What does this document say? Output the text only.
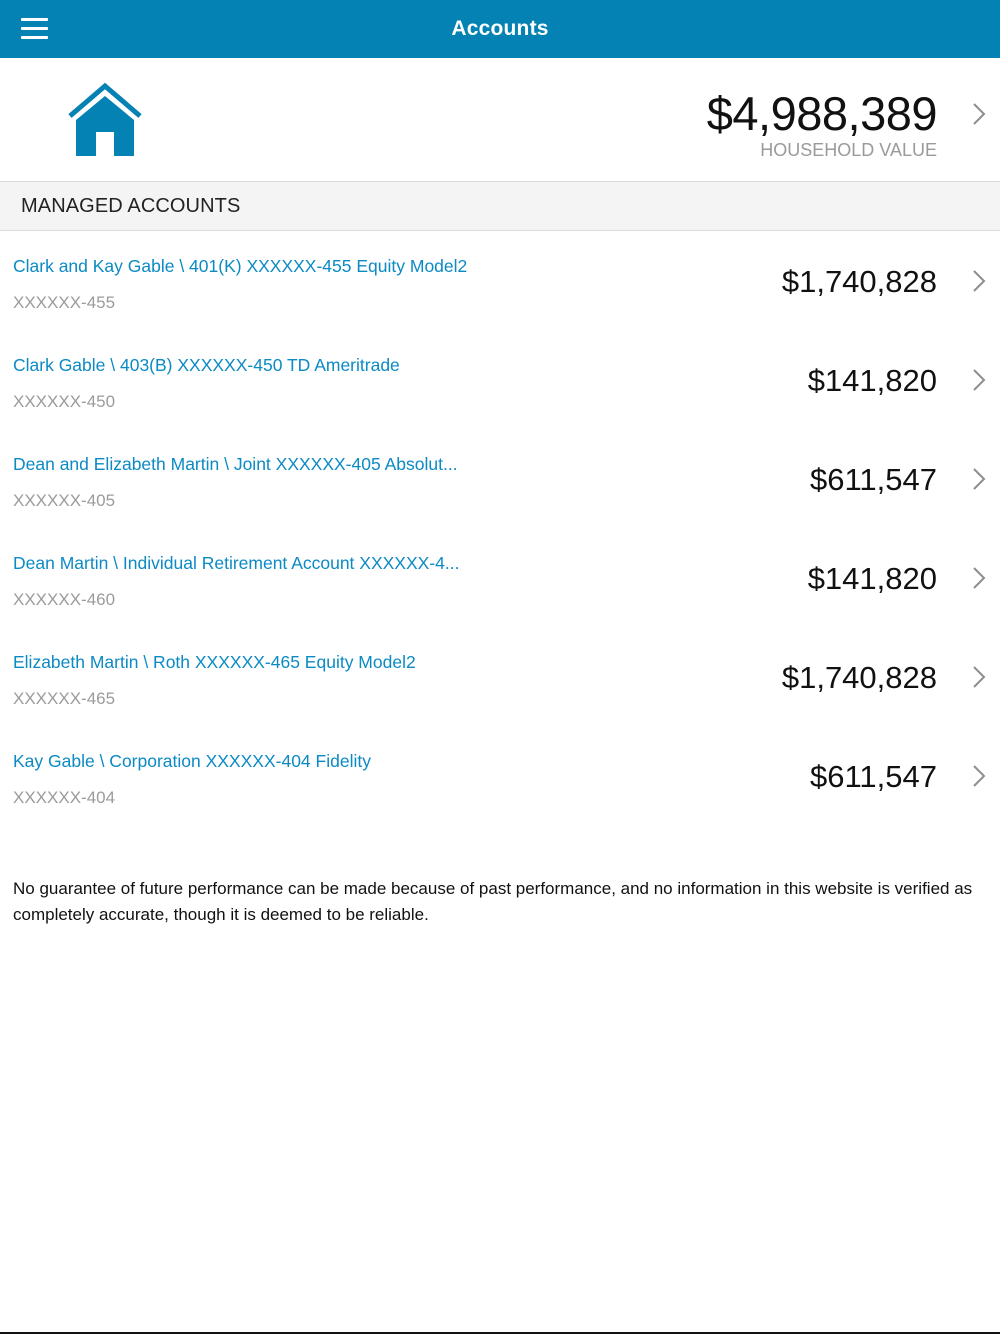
Accounts
$4,988,389
HOUSEHOLD VALUE
MANAGED ACCOUNTS
Clark and Kay Gable \ 401(K) XXXXXX-455 Equity Model2
XXXXXX-455
$1,740,828
Clark Gable \ 403(B) XXXXXX-450 TD Ameritrade
XXXXXX-450
$141,820
Dean and Elizabeth Martin \ Joint XXXXXX-405 Absolut...
XXXXXX-405
$611,547
Dean Martin \ Individual Retirement Account XXXXXX-4...
XXXXXX-460
$141,820
Elizabeth Martin \ Roth XXXXXX-465 Equity Model2
XXXXXX-465
$1,740,828
Kay Gable \ Corporation XXXXXX-404 Fidelity
XXXXXX-404
$611,547
No guarantee of future performance can be made because of past performance, and no information in this website is verified as completely accurate, though it is deemed to be reliable.
